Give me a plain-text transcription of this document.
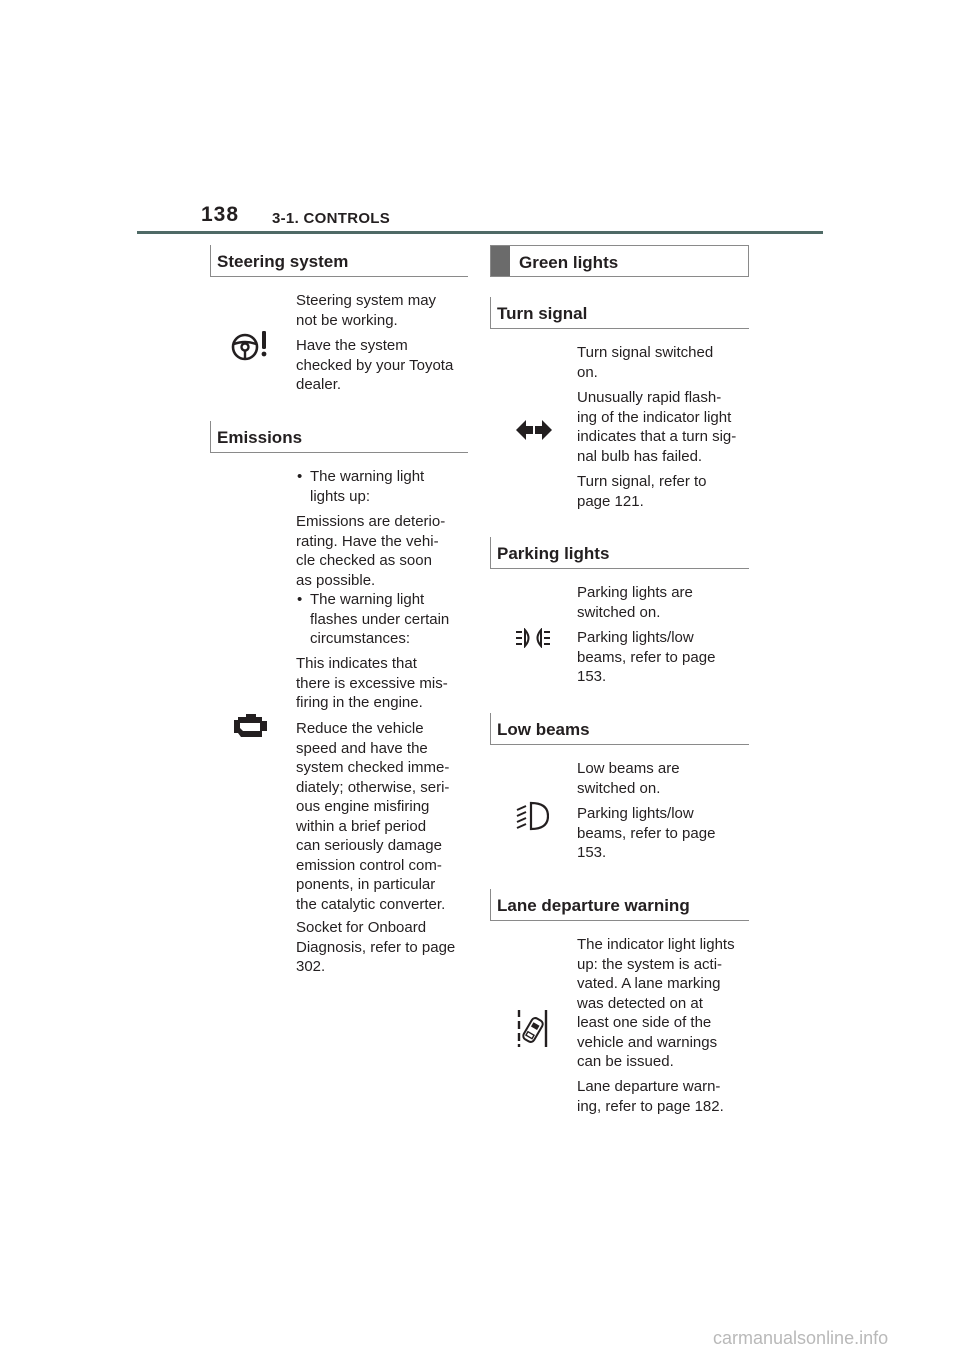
138 3-1. CONTROLS
Steering system
Steering system may
not be working.
Have the system
checked by your Toyota
dealer.
Emissions
• The warning light
lights up:
Emissions are deterio-
rating. Have the vehi-
cle checked as soon
as possible.
• The warning light
flashes under certain
circumstances:
This indicates that
there is excessive mis-
firing in the engine.
Reduce the vehicle
speed and have the
system checked imme-
diately; otherwise, seri-
ous engine misfiring
within a brief period
can seriously damage
emission control com-
ponents, in particular
the catalytic converter.
Socket for Onboard
Diagnosis, refer to page
302.
Green lights
Turn signal
Turn signal switched
on.
Unusually rapid flash-
ing of the indicator light
indicates that a turn sig-
nal bulb has failed.
Turn signal, refer to
page 121.
Parking lights
Parking lights are
switched on.
Parking lights/low
beams, refer to page
153.
Low beams
Low beams are
switched on.
Parking lights/low
beams, refer to page
153.
Lane departure warning
The indicator light lights
up: the system is acti-
vated. A lane marking
was detected on at
least one side of the
vehicle and warnings
can be issued.
Lane departure warn-
ing, refer to page 182.
carmanualsonline.info
